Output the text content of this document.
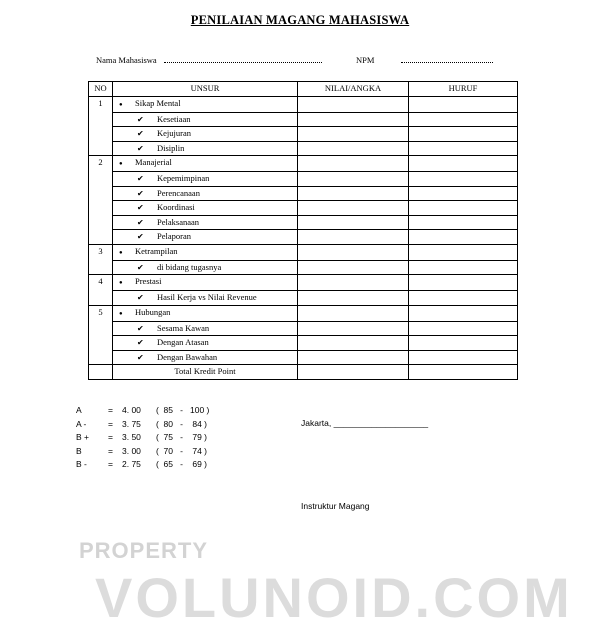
PENILAIAN MAGANG MAHASISWA
Nama Mahasiswa	NPM
NO	UNSUR	NILAI/ANGKA	HURUF
1	● Sikap Mental		
	✔ Kesetiaan		
	✔ Kejujuran		
	✔ Disiplin		
2	● Manajerial		
	✔ Kepemimpinan		
	✔ Perencanaan		
	✔ Koordinasi		
	✔ Pelaksanaan		
	✔ Pelaporan		
3	● Ketrampilan		
	✔ di bidang tugasnya		
4	● Prestasi		
	✔ Hasil Kerja vs Nilai Revenue		
5	● Hubungan		
	✔ Sesama Kawan		
	✔ Dengan Atasan		
	✔ Dengan Bawahan		
	Total Kredit Point		
A	= 4. 00 (  85   -   100 )
A -	= 3. 75 (  80   -    84 )
B + = 3. 50 (  75   -    79 )
B	= 3. 00 (  70   -    74 )
B - = 2. 75 (  65   -    69 )
Jakarta, ____________________
Instruktur Magang
PROPERTY
VOLUNOID.COM
